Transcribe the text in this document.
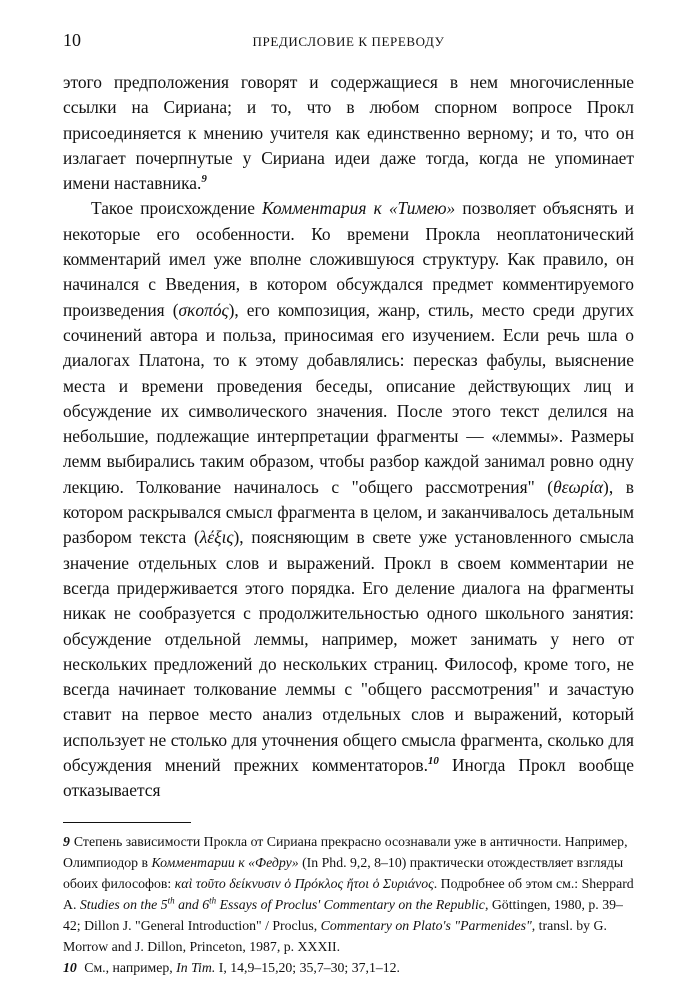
10	ПРЕДИСЛОВИЕ К ПЕРЕВОДУ

этого предположения говорят и содержащиеся в нем многочисленные ссылки на Сириана; и то, что в любом спорном вопросе Прокл присоединяется к мнению учителя как единственно верному; и то, что он излагает почерпнутые у Сириана идеи даже тогда, когда не упоминает имени наставника.$^9$

Такое происхождение Комментария к «Тимею» позволяет объяснять и некоторые его особенности. Ко времени Прокла неоплатонический комментарий имел уже вполне сложившуюся структуру. Как правило, он начинался с Введения, в котором обсуждался предмет комментируемого произведения (σκοπός), его композиция, жанр, стиль, место среди других сочинений автора и польза, приносимая его изучением. Если речь шла о диалогах Платона, то к этому добавлялись: пересказ фабулы, выяснение места и времени проведения беседы, описание действующих лиц и обсуждение их символического значения. После этого текст делился на небольшие, подлежащие интерпретации фрагменты — «леммы». Размеры лемм выбирались таким образом, чтобы разбор каждой занимал ровно одну лекцию. Толкование начиналось с "общего рассмотрения" (θεωρία), в котором раскрывался смысл фрагмента в целом, и заканчивалось детальным разбором текста (λέξις), поясняющим в свете уже установленного смысла значение отдельных слов и выражений. Прокл в своем комментарии не всегда придерживается этого порядка. Его деление диалога на фрагменты никак не сообразуется с продолжительностью одного школьного занятия: обсуждение отдельной леммы, например, может занимать у него от нескольких предложений до нескольких страниц. Философ, кроме того, не всегда начинает толкование леммы с "общего рассмотрения" и зачастую ставит на первое место анализ отдельных слов и выражений, который использует не столько для уточнения общего смысла фрагмента, сколько для обсуждения мнений прежних комментаторов.$^{10}$ Иногда Прокл вообще отказывается

9 Степень зависимости Прокла от Сириана прекрасно осознавали уже в античности. Например, Олимпиодор в Комментарии к «Федру» (In Phd. 9,2, 8–10) практически отождествляет взгляды обоих философов: καὶ τοῦτο δείκνυσιν ὁ Πρόκλος ἤτοι ὁ Συριάνος. Подробнее об этом см.: Sheppard A. Studies on the 5th and 6th Essays of Proclus' Commentary on the Republic, Göttingen, 1980, p. 39–42; Dillon J. "General Introduction" / Proclus, Commentary on Plato's "Parmenides", transl. by G. Morrow and J. Dillon, Princeton, 1987, p. XXXII.

10 См., например, In Tim. I, 14,9–15,20; 35,7–30; 37,1–12.
